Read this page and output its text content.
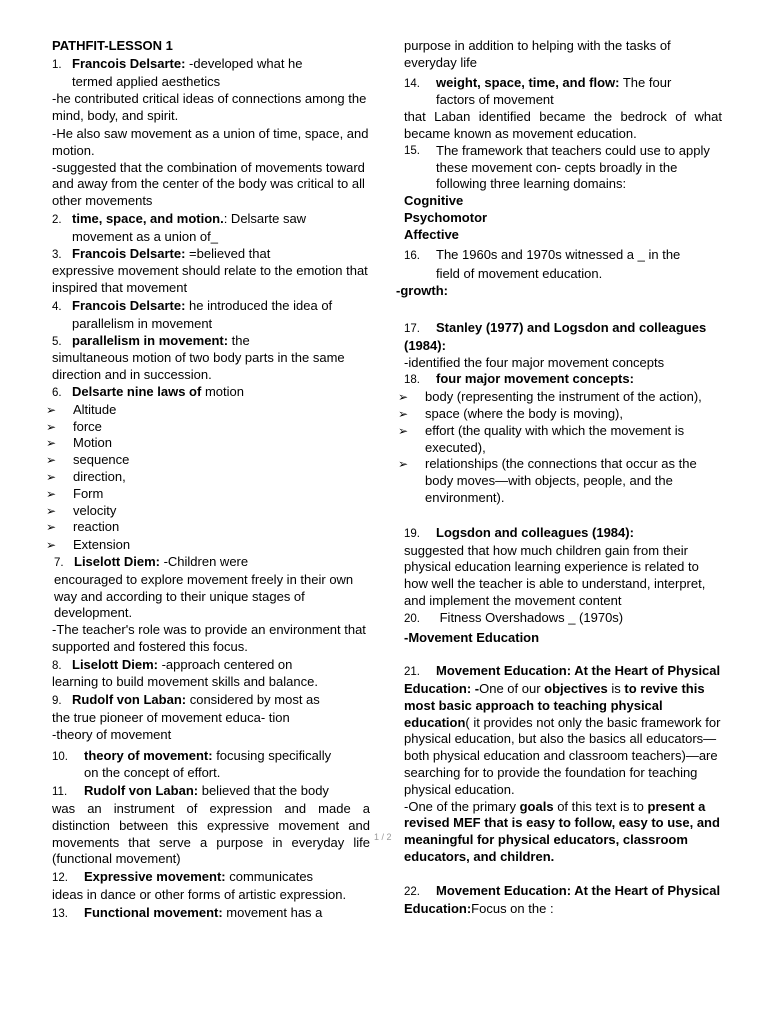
PATHFIT-LESSON 1
1. Francois Delsarte: -developed what he
termed applied aesthetics
-he contributed critical ideas of connections among the mind, body, and spirit.
-He also saw movement as a union of time, space, and motion.
-suggested that the combination of movements toward and away from the center of the body was critical to all other movements
2. time, space, and motion.: Delsarte saw
movement as a union of_
3. Francois Delsarte: =believed that
expressive movement should relate to the emotion that inspired that movement
4. Francois Delsarte: he introduced the idea of
parallelism in movement
5. parallelism in movement: the
simultaneous motion of two body parts in the same direction and in succession.
6. Delsarte nine laws of motion
➢ Altitude
➢ force
➢ Motion
➢ sequence
➢ direction,
➢ Form
➢ velocity
➢ reaction
➢ Extension
7. Liselott Diem: -Children were
encouraged to explore movement freely in their own way and according to their unique stages of development.
-The teacher's role was to provide an environment that supported and fostered this focus.
8. Liselott Diem: -approach centered on
learning to build movement skills and balance.
9. Rudolf von Laban: considered by most as
the true pioneer of movement educa- tion
-theory of movement
10. theory of movement: focusing specifically
on the concept of effort.
11. Rudolf von Laban: believed that the body
was an instrument of expression and made a distinction between this expressive movement and movements that serve a purpose in everyday life (functional movement)
12. Expressive movement: communicates
ideas in dance or other forms of artistic expression.
13. Functional movement: movement has a
1 / 2
purpose in addition to helping with the tasks of everyday life
14. weight, space, time, and flow: The four
factors of movement
that Laban identified became the bedrock of what became known as movement education.
15. The framework that teachers could use to apply these movement con- cepts broadly in the following three learning domains:
Cognitive
Psychomotor
Affective
16. The 1960s and 1970s witnessed a _ in the
field of movement education.
-growth:
17. Stanley (1977) and Logsdon and colleagues (1984):
-identified the four major movement concepts
18. four major movement concepts:
➢ body (representing the instrument of the action),
➢ space (where the body is moving),
➢ effort (the quality with which the movement is executed),
➢ relationships (the connections that occur as the body moves—with objects, people, and the environment).
19. Logsdon and colleagues (1984):
suggested that how much children gain from their physical education learning experience is related to how well the teacher is able to understand, interpret, and implement the movement content
20. Fitness Overshadows _ (1970s)
-Movement Education
21. Movement Education: At the Heart of Physical Education: -One of our objectives is to revive this most basic approach to teaching physical education( it provides not only the basic framework for physical education, but also the basics all educators—both physical education and classroom teachers)—are searching for to provide the foundation for teaching physical education.
-One of the primary goals of this text is to present a revised MEF that is easy to follow, easy to use, and meaningful for physical educators, classroom educators, and children.
22. Movement Education: At the Heart of Physical Education:Focus on the :
